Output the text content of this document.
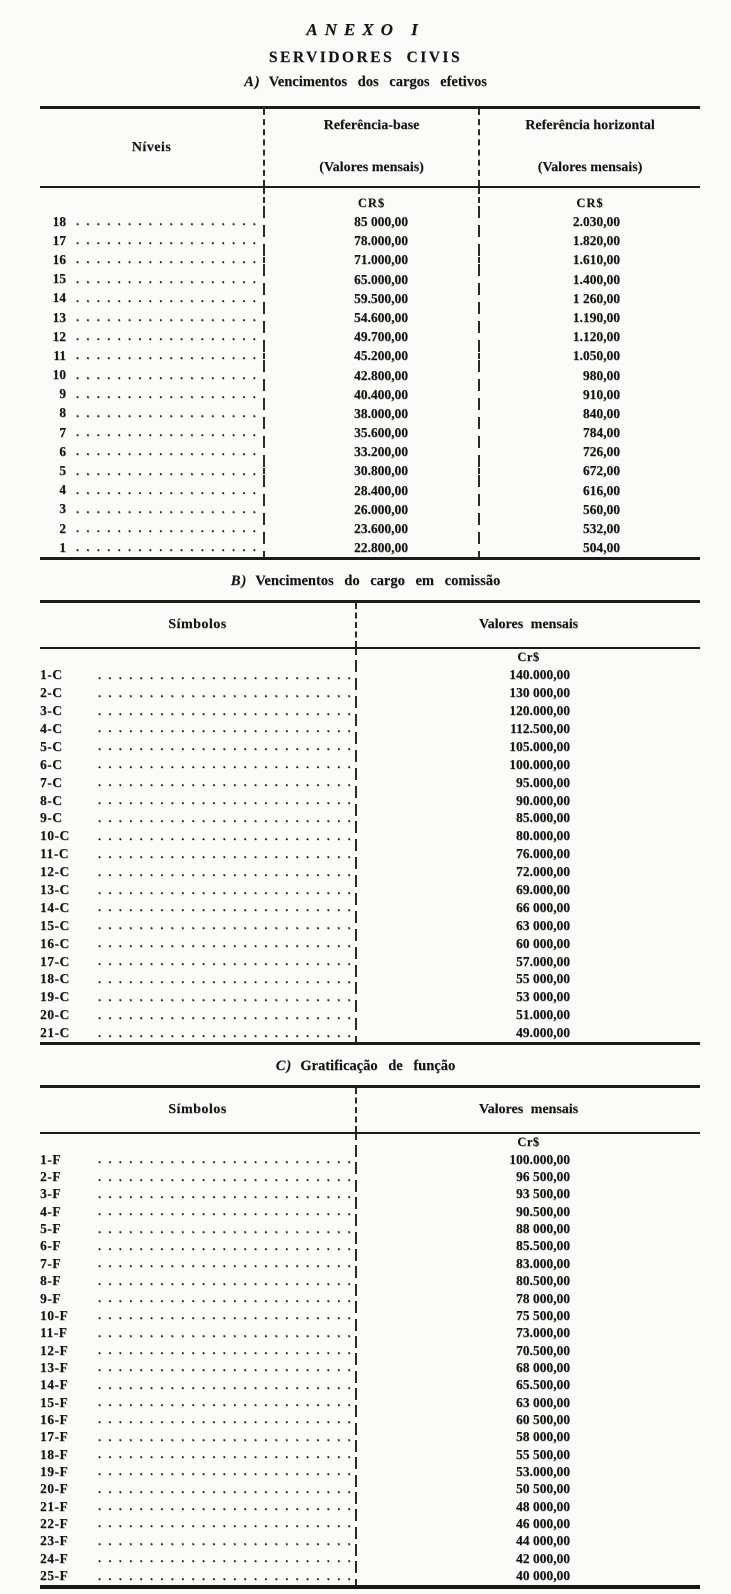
ANEXO I
SERVIDORES CIVIS
A) Vencimentos dos cargos efetivos
Níveis
Referência-base
(Valores mensais)
Referência horizontal
(Valores mensais)
CR$	CR$
18 . . .	85 000,00	2.030,00
17 . . .	78.000,00	1.820,00
16 . . .	71.000,00	1.610,00
15 . . .	65.000,00	1.400,00
14 . . .	59.500,00	1 260,00
13 . . .	54.600,00	1.190,00
12 . . .	49.700,00	1.120,00
11 . . .	45.200,00	1.050,00
10 . . .	42.800,00	980,00
9 . . .	40.400,00	910,00
8 . . .	38.000,00	840,00
7 . . .	35.600,00	784,00
6 . . .	33.200,00	726,00
5 . . .	30.800,00	672,00
4 . . .	28.400,00	616,00
3 . . .	26.000,00	560,00
2 . . .	23.600,00	532,00
1 . . .	22.800,00	504,00
B) Vencimentos do cargo em comissão
Símbolos	Valores mensais
Cr$
1-C . . .	140.000,00
2-C . . .	130 000,00
3-C . . .	120.000,00
4-C . . .	112.500,00
5-C . . .	105.000,00
6-C . . .	100.000,00
7-C . . .	95.000,00
8-C . . .	90.000,00
9-C . . .	85.000,00
10-C . . .	80.000,00
11-C . . .	76.000,00
12-C . . .	72.000,00
13-C . . .	69.000,00
14-C . . .	66 000,00
15-C . . .	63 000,00
16-C . . .	60 000,00
17-C . . .	57.000,00
18-C . . .	55 000,00
19-C . . .	53 000,00
20-C . . .	51.000,00
21-C . . .	49.000,00
C) Gratificação de função
Símbolos	Valores mensais
Cr$
1-F . . .	100.000,00
2-F . . .	96 500,00
3-F . . .	93 500,00
4-F . . .	90.500,00
5-F . . .	88 000,00
6-F . . .	85.500,00
7-F . . .	83.000,00
8-F . . .	80.500,00
9-F . . .	78 000,00
10-F . . .	75 500,00
11-F . . .	73.000,00
12-F . . .	70.500,00
13-F . . .	68 000,00
14-F . . .	65.500,00
15-F . . .	63 000,00
16-F . . .	60 500,00
17-F . . .	58 000,00
18-F . . .	55 500,00
19-F . . .	53.000,00
20-F . . .	50 500,00
21-F . . .	48 000,00
22-F . . .	46 000,00
23-F . . .	44 000,00
24-F . . .	42 000,00
25-F . . .	40 000,00
